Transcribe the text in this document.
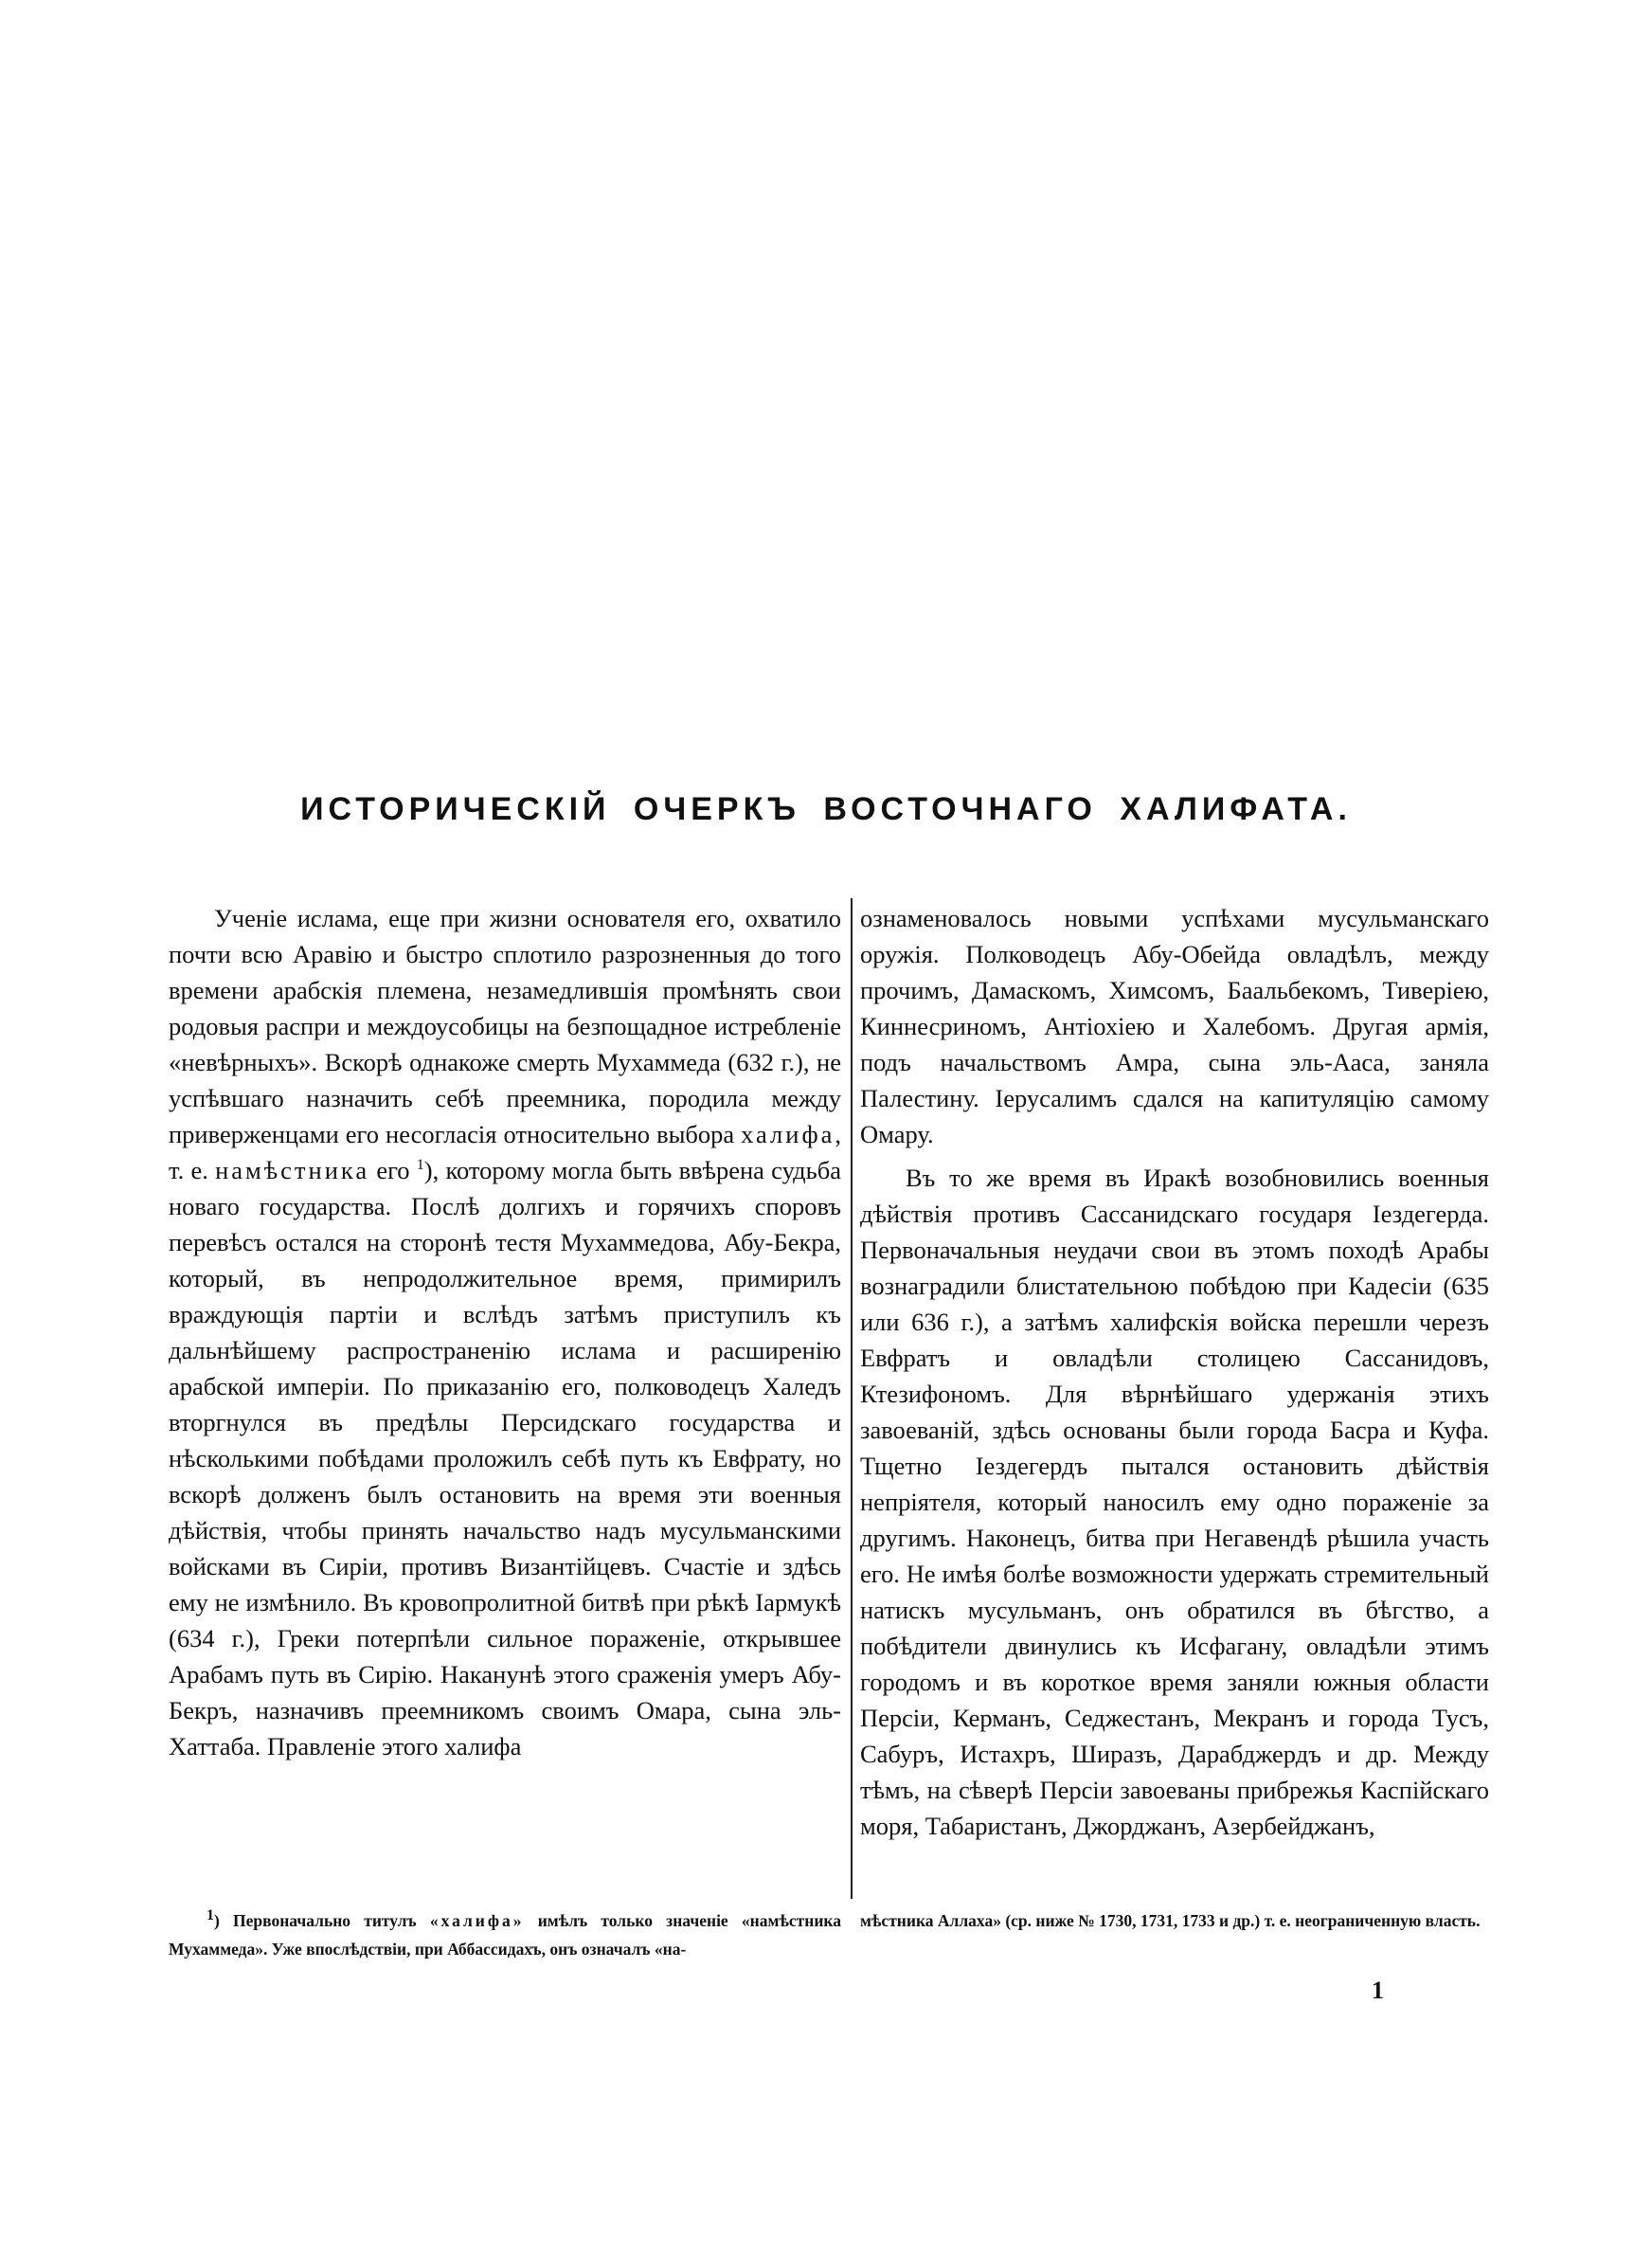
ИСТОРИЧЕСКІЙ ОЧЕРКЪ ВОСТОЧНАГО ХАЛИФАТА.

Ученіе ислама, еще при жизни основателя его, охватило почти всю Аравію и быстро сплотило разрозненныя до того времени арабскія племена, незамедлившія промѣнять свои родовыя распри и междоусобицы на безпощадное истребленіе «невѣрныхъ». Вскорѣ однакоже смерть Мухаммеда (632 г.), не успѣвшаго назначить себѣ преемника, породила между приверженцами его несогласія относительно выбора халифа, т. е. намѣстника его $^1$), которому могла быть ввѣрена судьба новаго государства. Послѣ долгихъ и горячихъ споровъ перевѣсъ остался на сторонѣ тестя Мухаммедова, Абу-Бекра, который, въ непродолжительное время, примирилъ враждующія партіи и вслѣдъ затѣмъ приступилъ къ дальнѣйшему распространенію ислама и расширенію арабской имперіи. По приказанію его, полководецъ Халедъ вторгнулся въ предѣлы Персидскаго государства и нѣсколькими побѣдами проложилъ себѣ путь къ Евфрату, но вскорѣ долженъ былъ остановить на время эти военныя дѣйствія, чтобы принять начальство надъ мусульманскими войсками въ Сиріи, противъ Византійцевъ. Счастіе и здѣсь ему не измѣнило. Въ кровопролитной битвѣ при рѣкѣ Іармукѣ (634 г.), Греки потерпѣли сильное пораженіе, открывшее Арабамъ путь въ Сирію. Наканунѣ этого сраженія умеръ Абу-Бекръ, назначивъ преемникомъ своимъ Омара, сына эль-Хаттаба. Правленіе этого халифа

ознаменовалось новыми успѣхами мусульманскаго оружія. Полководецъ Абу-Обейда овладѣлъ, между прочимъ, Дамаскомъ, Химсомъ, Баальбекомъ, Тиверіею, Киннесриномъ, Антіохіею и Халебомъ. Другая армія, подъ начальствомъ Амра, сына эль-Ааса, заняла Палестину. Іерусалимъ сдался на капитуляцію самому Омару.

Въ то же время въ Иракѣ возобновились военныя дѣйствія противъ Сассанидскаго государя Іездегерда. Первоначальныя неудачи свои въ этомъ походѣ Арабы вознаградили блистательною побѣдою при Кадесіи (635 или 636 г.), а затѣмъ халифскія войска перешли черезъ Евфратъ и овладѣли столицею Сассанидовъ, Ктезифономъ. Для вѣрнѣйшаго удержанія этихъ завоеваній, здѣсь основаны были города Басра и Куфа. Тщетно Іездегердъ пытался остановить дѣйствія непріятеля, который наносилъ ему одно пораженіе за другимъ. Наконецъ, битва при Негавендѣ рѣшила участь его. Не имѣя болѣе возможности удержать стремительный натискъ мусульманъ, онъ обратился въ бѣгство, а побѣдители двинулись къ Исфагану, овладѣли этимъ городомъ и въ короткое время заняли южныя области Персіи, Керманъ, Седжестанъ, Мекранъ и города Тусъ, Сабуръ, Истахръ, Ширазъ, Дарабджердъ и др. Между тѣмъ, на сѣверѣ Персіи завоеваны прибрежья Каспійскаго моря, Табаристанъ, Джорджанъ, Азербейджанъ,

$^1$) Первоначально титулъ «халифа» имѣлъ только значеніе «намѣстника Мухаммеда». Уже впослѣдствіи, при Аббассидахъ, онъ означалъ «на-
мѣстника Аллаха» (ср. ниже № 1730, 1731, 1733 и др.) т. е. неограниченную власть.
1
